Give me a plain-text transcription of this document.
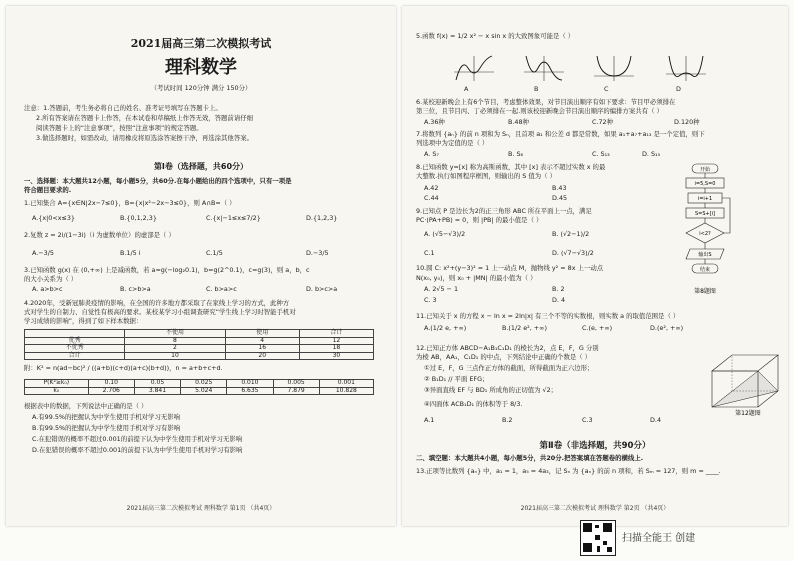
2021届高三第二次模拟考试
理科数学
（考试时间 120分钟 满分 150分）
注意：1.答题前，考生务必将自己的姓名、准考证号填写在答题卡上。
2.所有答案请在答题卡上作答，在本试卷和草稿纸上作答无效，答题前请仔细
阅读答题卡上的“注意事项”，按照“注意事项”的规定答题。
3.做选择题时，如需改动，请用橡皮将原选涂答案擦干净，再选涂其他答案。
第Ⅰ卷（选择题，共60分）
一、选择题：本大题共12小题，每小题5分，共60分.在每小题给出的四个选项中，只有一项是
符合题目要求的.
1.已知集合 A={x∈N|2x−7≤0}，B={x|x²−2x−3≤0}，则 A∩B=（ ）
A.{x|0<x≤3}	B.{0,1,2,3}	C.{x|−1≤x≤7/2}	D.{1,2,3}
2.复数 z = 2i/(1−3i)（i 为虚数单位）的虚部是（ ）
A.−3/5	B.1/5 i	C.1/5	D.−3/5
3.已知函数 g(x) 在 (0,+∞) 上是减函数，若 a=g(−log₂0.1)，b=g(2^0.1)，c=g(3)，则 a，b，c
的大小关系为（ ）
A. a>b>c	B. c>b>a	C. b>a>c	D. b>c>a
4.2020年，受新冠肺炎疫情的影响，在全国的许多地方都采取了在家线上学习的方式，此种方
式对学生的自制力、自觉性有极高的要求。某校某学习小组调查研究“学生线上学习时智能手机对
学习成绩的影响”，得到了如下样本数据：
	不使用	使用	合计
优秀	8	4	12
不优秀	2	16	18
合计	10	20	30
附：K² = n(ad−bc)² / ((a+b)(c+d)(a+c)(b+d))，n = a+b+c+d.
P(K²≥k₀)	0.10	0.05	0.025	0.010	0.005	0.001
k₀	2.706	3.841	5.024	6.635	7.879	10.828
根据表中的数据，下列说法中正确的是（ ）
A.有99.5%的把握认为中学生使用手机对学习无影响
B.有99.5%的把握认为中学生使用手机对学习有影响
C.在犯错误的概率不超过0.001的前提下认为中学生使用手机对学习无影响
D.在犯错误的概率不超过0.001的前提下认为中学生使用手机对学习有影响
2021届高三第二次模拟考试 理科数学 第1页 （共4页）
5.函数 f(x) = 1/2 x² − x sin x 的大致图象可能是（ ）
A	B	C	D
6.某校迎新晚会上有6个节目，考虑整体效果，对节目演出顺序有如下要求：节目甲必须排在
第三位，且节目丙、丁必须排在一起.则该校迎新晚会节目演出顺序的编排方案共有（ ）
A.36种	B.48种	C.72种	D.120种
7.将数列 {aₙ} 的前 n 项和为 Sₙ，且首项 a₁ 和公差 d 都是常数，如果 a₁+a₇+a₁₃ 是一个定值，则下
列选项中为定值的是（ ）
A. S₇	B. S₈	C. S₁₃	D. S₁₅
8.已知函数 y=[x] 称为高斯函数，其中 [x] 表示不超过实数 x 的最
大整数.执行如图程序框图，则输出的 S 值为（ ）
A.42	B.43
C.44	D.45
9.已知点 P 是边长为2的正三角形 ABC 所在平面上一点，满足
PC·(PA+PB) = 0，则 |PB| 的最小值是（ ）
A. (√5−√3)/2	B. (√2−1)/2
C.1	D. (√7−√3)/2
10.圆 C: x²+(y−3)² = 1 上一动点 M，抛物线 y² = 8x 上一动点
N(x₀, y₀)，则 x₀ + |MN| 的最小值为（ ）
A. 2√5 − 1	B. 2
C. 3	D. 4
开始
i=5,S=0
i=i+1
S=S+[i]
i<2?
输出S
结束
第8题图
11.已知关于 x 的方程 x − ln x = 2ln|x| 有三个不等的实数根，则实数 a 的取值范围是（ ）
A.(1/2 e, +∞)	B.(1/2 e², +∞)	C.(e, +∞)	D.(e², +∞)
12.已知正方体 ABCD−A₁B₁C₁D₁ 的棱长为2，点 E，F，G 分别
为棱 AB，AA₁，C₁D₁ 的中点，下列结论中正确的个数是（ ）
①过 E，F，G 三点作正方体的截面，所得截面为正六边形；
② B₁D₁ // 平面 EFG；
③异面直线 EF 与 BD₁ 所成角的正切值为 √2；
④四面体 ACB₁D₁ 的体积等于 8/3.
A.1	B.2	C.3	D.4
第12题图
第Ⅱ卷（非选择题，共90分）
二、填空题：本大题共4小题，每小题5分，共20分.把答案填在答题卷的横线上.
13.正项等比数列 {aₙ} 中，a₁ = 1，a₅ = 4a₃，记 Sₙ 为 {aₙ} 的前 n 项和，若 Sₘ = 127，则 m = ____.
2021届高三第二次模拟考试 理科数学 第2页 （共4页）
扫描全能王 创建
